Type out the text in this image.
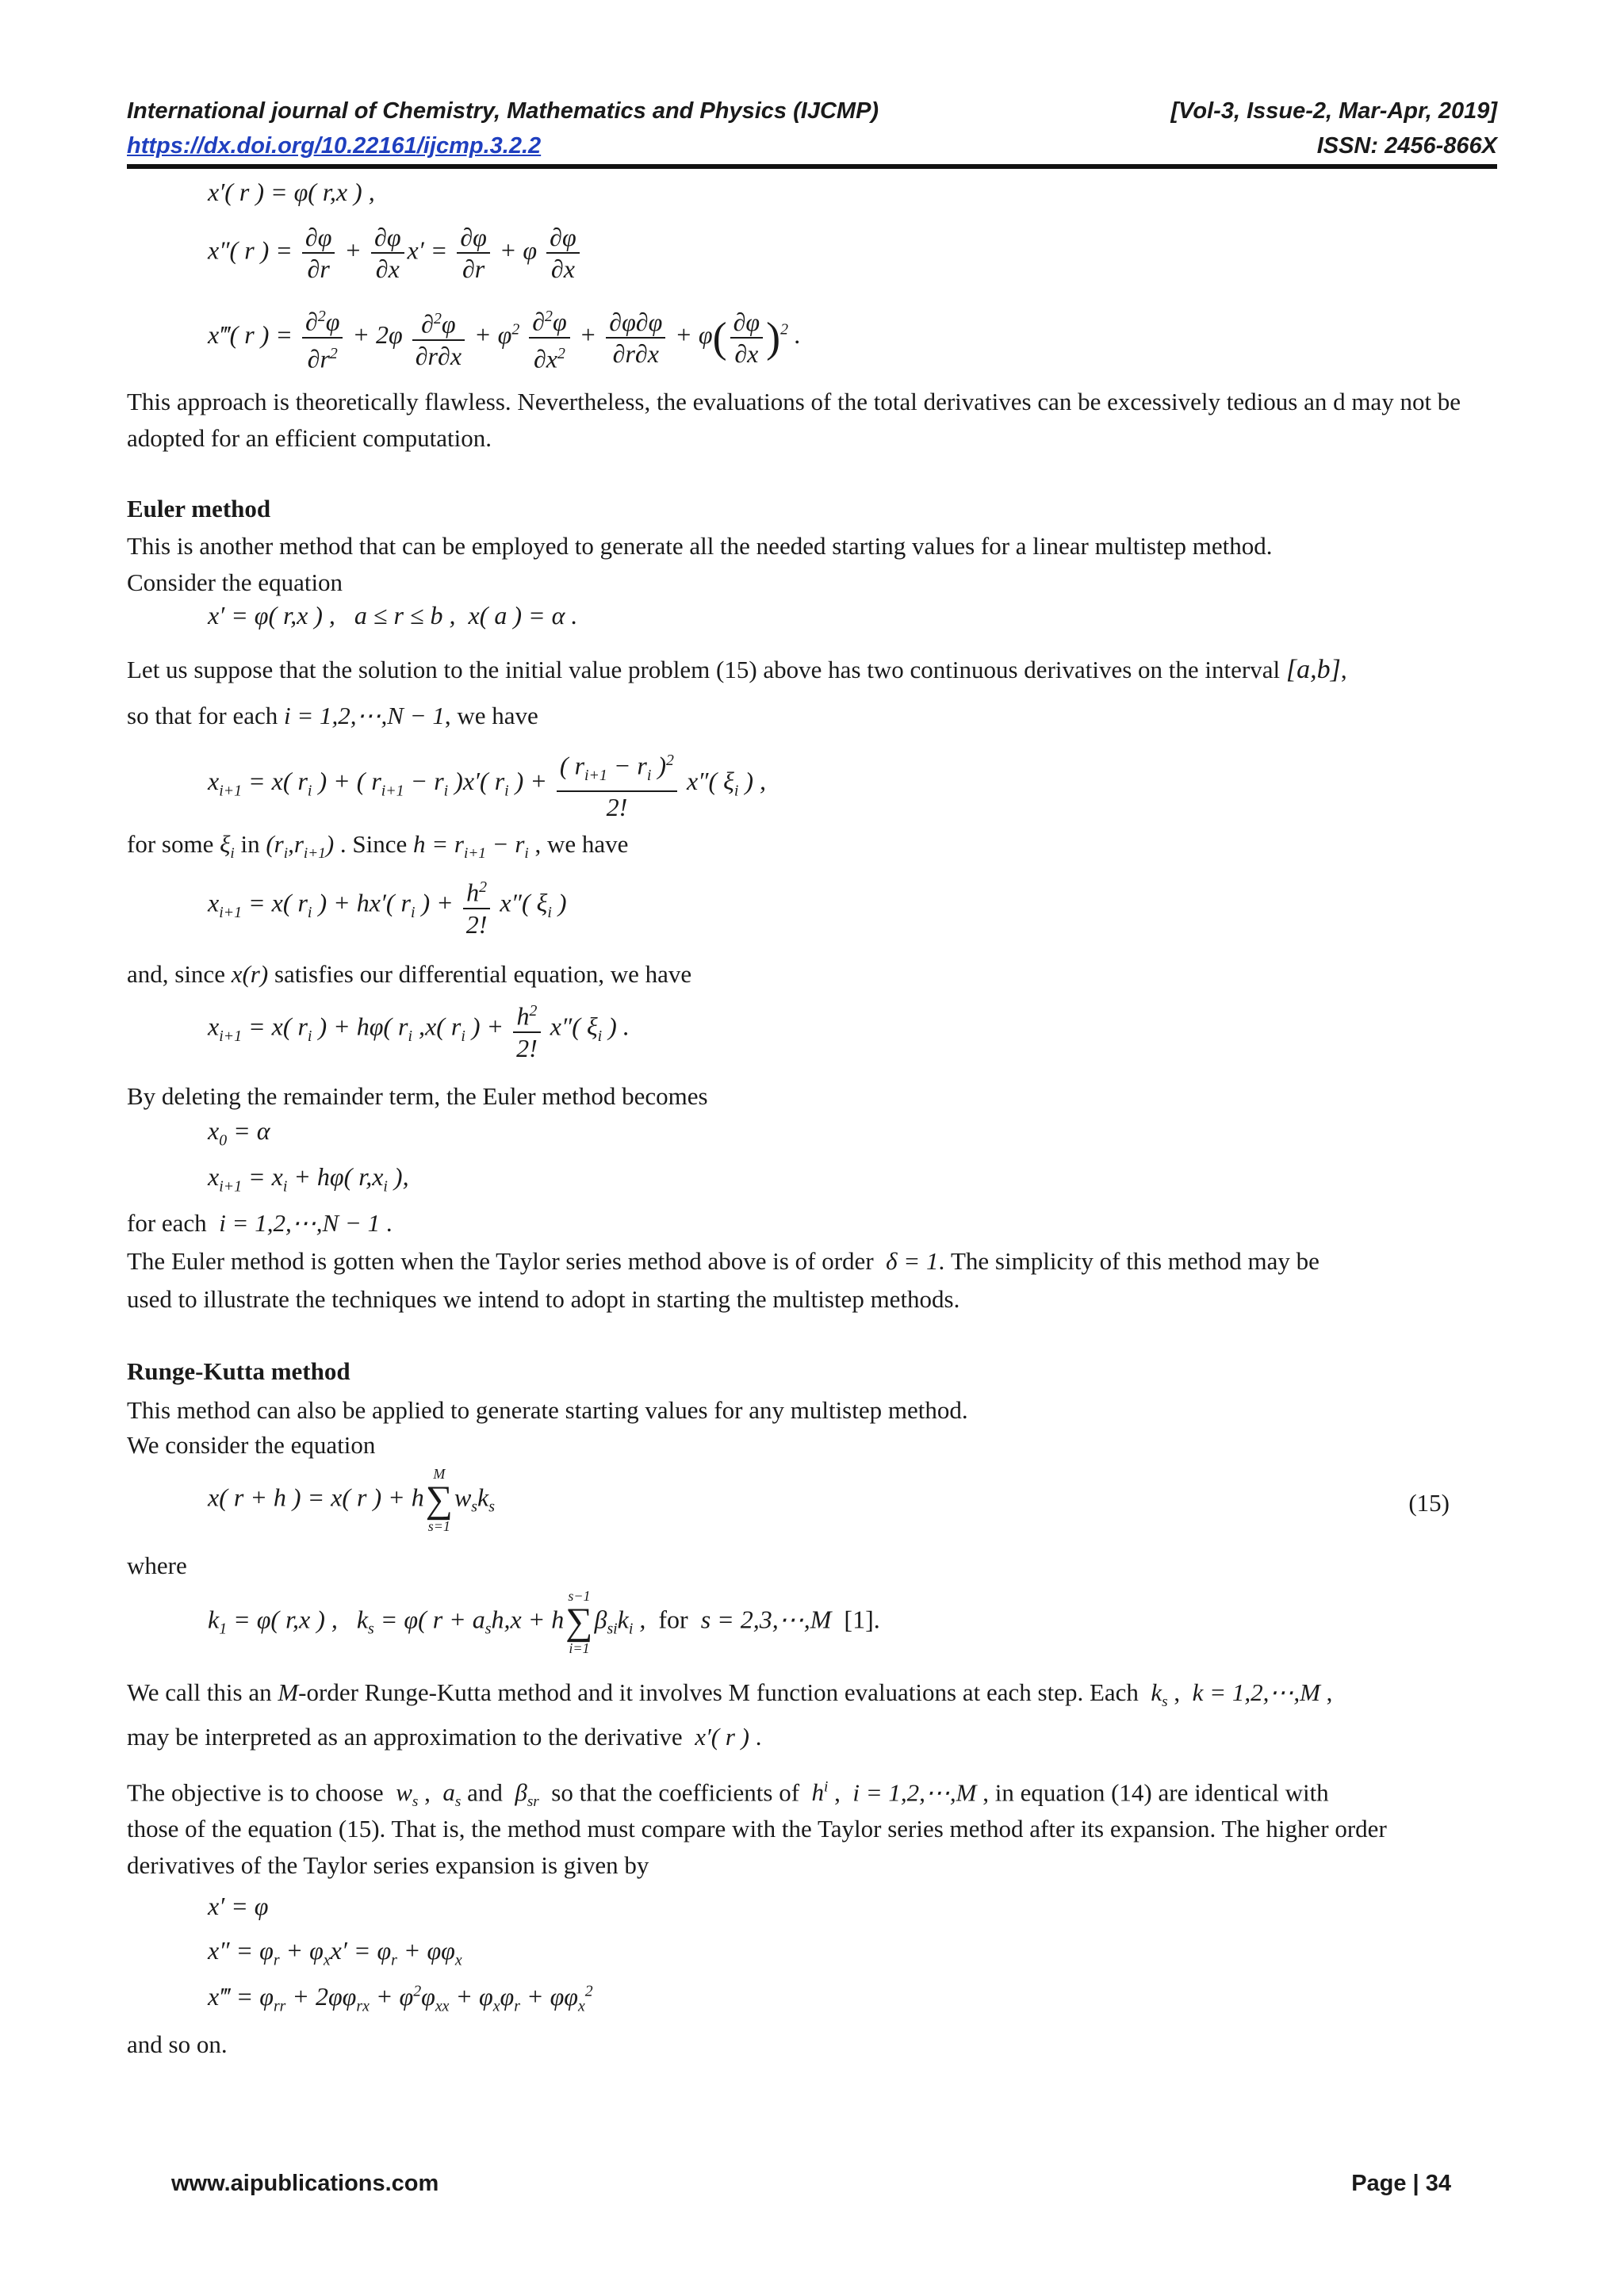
International journal of Chemistry, Mathematics and Physics (IJCMP)	[Vol-3, Issue-2, Mar-Apr, 2019]
https://dx.doi.org/10.22161/ijcmp.3.2.2	ISSN: 2456-866X
x′( r ) = φ( r,x ) ,
x″( r ) = $\frac{\partial\varphi}{\partial r} + \frac{\partial\varphi}{\partial x} x' = \frac{\partial\varphi}{\partial r} + \varphi \frac{\partial\varphi}{\partial x}$
x‴( r ) = $\frac{\partial^2\varphi}{\partial r^2} + 2\varphi \frac{\partial^2\varphi}{\partial r\partial x} + \varphi^2 \frac{\partial^2\varphi}{\partial x^2} + \frac{\partial\varphi\partial\varphi}{\partial r\partial x} + \varphi( \frac{\partial\varphi}{\partial x} )^2$ .
This approach is theoretically flawless. Nevertheless, the evaluations of the total derivatives can be excessively tedious an d may not be adopted for an efficient computation.
Euler method
This is another method that can be employed to generate all the needed starting values for a linear multistep method.
Consider the equation
x′ = φ( r,x ) ,   a ≤ r ≤ b ,  x( a ) = α .
Let us suppose that the solution to the initial value problem (15) above has two continuous derivatives on the interval [a,b],
so that for each i = 1,2,⋯,N − 1, we have
$x_{i+1} = x$( $r_i$ ) + ( $r_{i+1} - r_i$ )x′( $r_i$ ) + $\frac{( r_{i+1} - r_i )^2}{2!} x''$( $\xi_i$ ) ,
for some $\xi_i$ in $(r_i,r_{i+1})$ . Since $h = r_{i+1} - r_i$ , we have
$x_{i+1} = x$( $r_i$ ) + hx′( $r_i$ ) + $\frac{h^2}{2!} x''$( $\xi_i$ )
and, since x(r) satisfies our differential equation, we have
$x_{i+1} = x$( $r_i$ ) + hφ( $r_i$ ,x( $r_i$ ) + $\frac{h^2}{2!} x''$( $\xi_i$ ) .
By deleting the remainder term, the Euler method becomes
$x_0 = \alpha$
$x_{i+1} = x_i + h\varphi$( $r,x_i$ ),
for each i = 1,2,⋯,N − 1 .
The Euler method is gotten when the Taylor series method above is of order δ = 1. The simplicity of this method may be
used to illustrate the techniques we intend to adopt in starting the multistep methods.
Runge-Kutta method
This method can also be applied to generate starting values for any multistep method.
We consider the equation
x( r + h ) = x( r ) + h
M
∑
s=1
$w_sk_s$	(15)
where
$k_1 = \varphi$( r,x ) ,   $k_s = \varphi$( $r + a_sh,x + h$
s−1
∑
i=1
$\beta_{si}k_i$ ,  for  s = 2,3,⋯,M  [1].
We call this an M-order Runge-Kutta method and it involves M function evaluations at each step. Each $k_s$ ,  k = 1,2,⋯,M ,
may be interpreted as an approximation to the derivative x′( r ) .
The objective is to choose $w_s$ ,  $a_s$ and $\beta_{sr}$ so that the coefficients of $h^i$ ,  i = 1,2,⋯,M , in equation (14) are identical with
those of the equation (15). That is, the method must compare with the Taylor series method after its expansion. The higher order derivatives of the Taylor series expansion is given by
x′ = φ
$x'' = \varphi_r + \varphi_xx' = \varphi_r + \varphi\varphi_x$
x‴ = $\varphi_{rr} + 2\varphi\varphi_{rx} + \varphi^2\varphi_{xx} + \varphi_x\varphi_r + \varphi\varphi_x^2$
and so on.
www.aipublications.com	Page | 34
